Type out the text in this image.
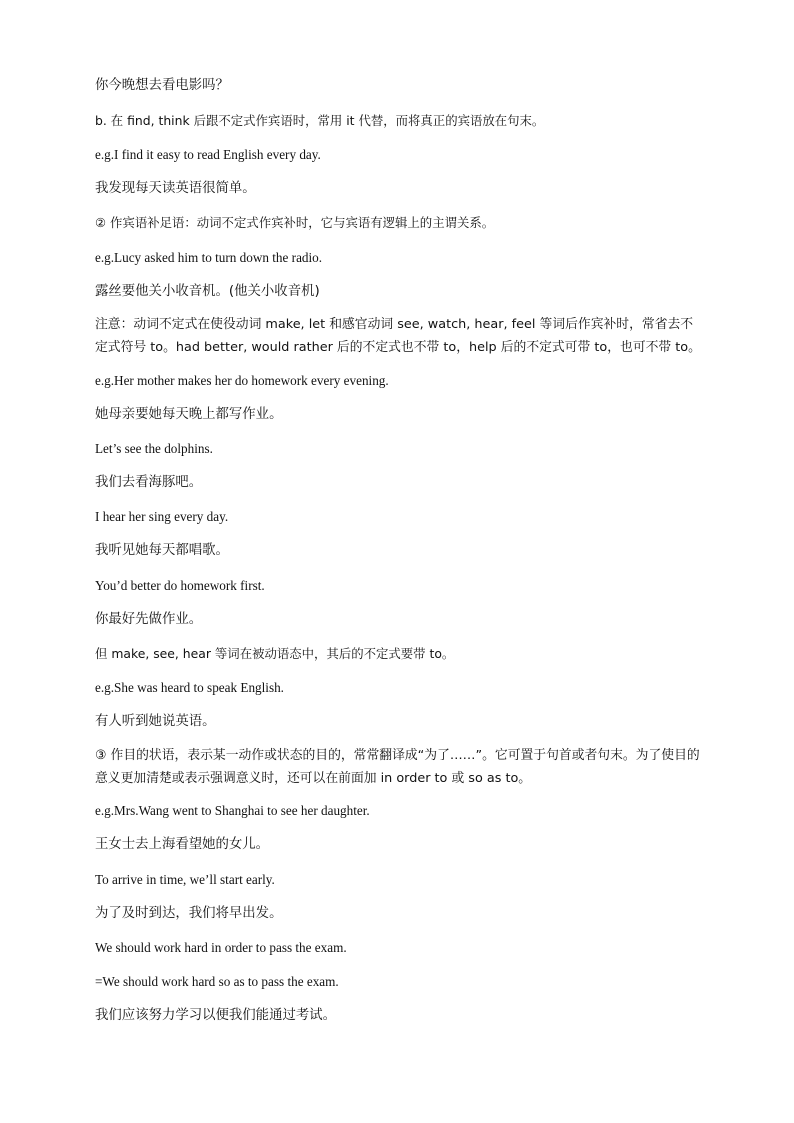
你今晚想去看电影吗？
b. 在 find, think 后跟不定式作宾语时，常用 it 代替，而将真正的宾语放在句末。
e.g.I find it easy to read English every day.
我发现每天读英语很简单。
② 作宾语补足语：动词不定式作宾补时，它与宾语有逻辑上的主谓关系。
e.g.Lucy asked him to turn down the radio.
露丝要他关小收音机。(他关小收音机)
注意：动词不定式在使役动词 make, let 和感官动词 see, watch, hear, feel 等词后作宾补时，常省去不定式符号 to。had better, would rather 后的不定式也不带 to，help 后的不定式可带 to，也可不带 to。
e.g.Her mother makes her do homework every evening.
她母亲要她每天晚上都写作业。
Let’s see the dolphins.
我们去看海豚吧。
I hear her sing every day.
我听见她每天都唱歌。
You’d better do homework first.
你最好先做作业。
但 make, see, hear 等词在被动语态中，其后的不定式要带 to。
e.g.She was heard to speak English.
有人听到她说英语。
③ 作目的状语，表示某一动作或状态的目的，常常翻译成“为了……”。它可置于句首或者句末。为了使目的意义更加清楚或表示强调意义时，还可以在前面加 in order to 或 so as to。
e.g.Mrs.Wang went to Shanghai to see her daughter.
王女士去上海看望她的女儿。
To arrive in time, we’ll start early.
为了及时到达，我们将早出发。
We should work hard in order to pass the exam.
=We should work hard so as to pass the exam.
我们应该努力学习以便我们能通过考试。
